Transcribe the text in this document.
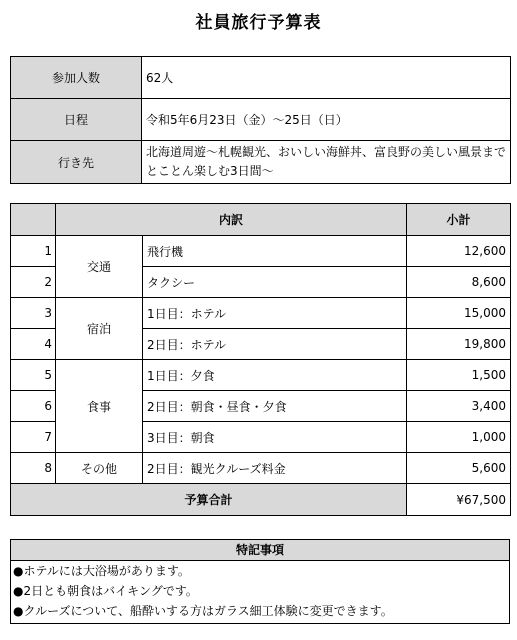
社員旅行予算表
参加人数	62人
日程	令和5年6月23日（金）～25日（日）
行き先	北海道周遊～札幌観光、おいしい海鮮丼、富良野の美しい風景までとことん楽しむ3日間～
	内訳		小計
1	交通	飛行機	12,600
2		タクシー	8,600
3	宿泊	1日目：ホテル	15,000
4		2日目：ホテル	19,800
5	食事	1日目：夕食	1,500
6		2日目：朝食・昼食・夕食	3,400
7		3日目：朝食	1,000
8	その他	2日目：観光クルーズ料金	5,600
予算合計			¥67,500
特記事項
●ホテルには大浴場があります。
●2日とも朝食はバイキングです。
●クルーズについて、船酔いする方はガラス細工体験に変更できます。
